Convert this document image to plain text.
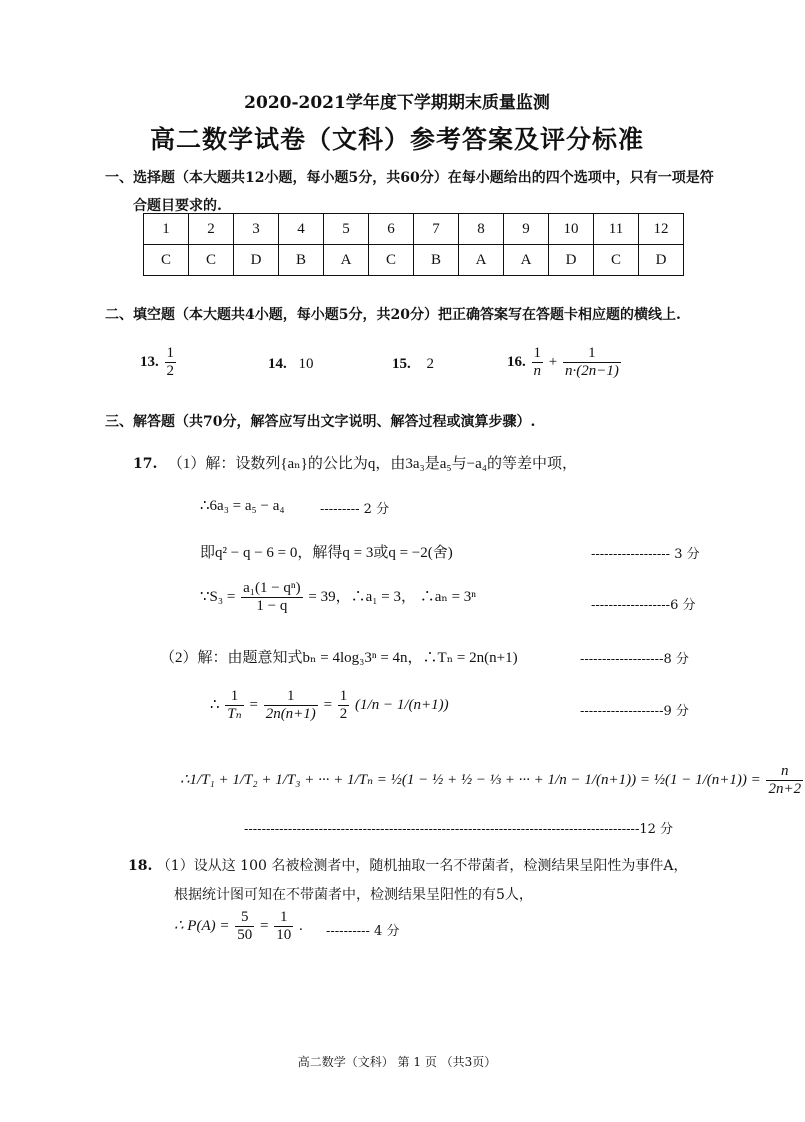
2020-2021学年度下学期期末质量监测
高二数学试卷（文科）参考答案及评分标准
一、选择题（本大题共12小题，每小题5分，共60分）在每小题给出的四个选项中，只有一项是符
合题目要求的.
1	2	3	4	5	6	7	8	9	10	11	12
C	C	D	B	A	C	B	A	A	D	C	D
二、填空题（本大题共4小题，每小题5分，共20分）把正确答案写在答题卡相应题的横线上.
13. $\frac{1}{2}$	14. 10	15. 2	16. $\frac{1}{n} + \frac{1}{n\cdot(2n-1)}$
三、解答题（共70分，解答应写出文字说明、解答过程或演算步骤）.
17. （1）解：设数列{aₙ}的公比为q，由3a₃是a₅与−a₄的等差中项，
∴6a₃ = a₅ − a₄	--------- 2 分
即q² − q − 6 = 0，解得q = 3或q = −2(舍)	------------------ 3 分
∵S₃ = $\frac{\text{a₁(1 − qⁿ)}}{1 - q} = 39$，∴a₁ = 3， ∴aₙ = 3ⁿ
------------------6 分
（2）解：由题意知式bₙ = 4log₃3ⁿ = 4n，∴Tₙ = 2n(n+1)	-------------------8 分
∴ $\frac{1}{\text{Tₙ}} = \frac{1}{2n(n+1)} = \frac{1}{2} (1/n - 1/(n+1))$	-------------------9 分
∴1/T₁ + 1/T₂ + 1/T₃ + ··· + 1/Tₙ = ½(1 − ½ + ½ − ⅓ + ··· + 1/n − 1/(n+1)) = ½(1 − $1/(n+1)) = \frac{n}{2n+2}$
------------------------------------------------------------------------------------------12 分
18. （1）设从这 100 名被检测者中，随机抽取一名不带菌者，检测结果呈阳性为事件A，
根据统计图可知在不带菌者中，检测结果呈阳性的有5人，
∴ $P(A) = \frac{5}{50} = \frac{1}{10}$ . ---------- 4 分
高二数学（文科） 第 1 页 （共3页）
